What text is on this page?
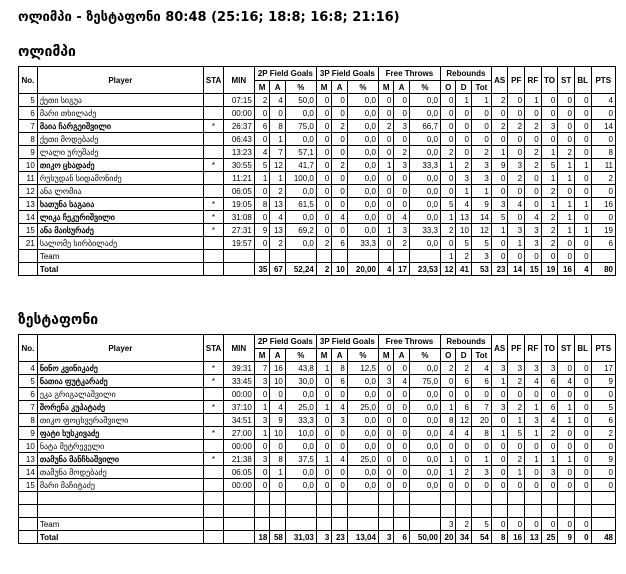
ოლიმპი - ზესტაფონი 80:48 (25:16; 18:8; 16:8; 21:16)
ოლიმპი
No.	Player	STA	MIN	2P Field Goals			3P Field Goals			Free Throws			Rebounds			AS	PF	RF	TO	ST	BL	PTS
				M	A	%	M	A	%	M	A	%	O	D	Tot							
5	ქეთი სიგუა		07:15	2	4	50,0	0	0	0,0	0	0	0,0	0	1	1	2	0	1	0	0	0	4
6	მარი თხილაძე		00:00	0	0	0,0	0	0	0,0	0	0	0,0	0	0	0	0	0	0	0	0	0	0
7	მაია ჩარგეიშვილი	*	26:37	6	8	75,0	0	2	0,0	2	3	66,7	0	0	0	2	2	2	3	0	0	14
8	ქეთი მოდებაძე		06:43	0	1	0,0	0	0	0,0	0	0	0,0	0	0	0	0	0	0	0	0	0	0
9	ლალი ურუშაძე		13:23	4	7	57,1	0	0	0,0	0	2	0,0	2	0	2	1	0	2	1	2	0	8
10	თიკო ცხადაძე	*	30:55	5	12	41,7	0	2	0,0	1	3	33,3	1	2	3	9	3	2	5	1	1	11
11	რუსუდან სიდამონიძე		11:21	1	1	100,0	0	0	0,0	0	0	0,0	0	3	3	0	2	0	1	1	0	2
12	ანა ლომია		06:05	0	2	0,0	0	0	0,0	0	0	0,0	0	1	1	0	0	0	2	0	0	0
13	ხათუნა საგაია	*	19:05	8	13	61,5	0	0	0,0	0	0	0,0	5	4	9	3	4	0	1	1	1	16
14	ლიკა ჩეკურიშვილი	*	31:08	0	4	0,0	0	4	0,0	0	4	0,0	1	13	14	5	0	4	2	1	0	0
15	ანა მაისურაძე	*	27:31	9	13	69,2	0	0	0,0	1	3	33,3	2	10	12	1	3	3	2	1	1	19
21	სალომე სირბილაძე		19:57	0	2	0,0	2	6	33,3	0	2	0,0	0	5	5	0	1	3	2	0	0	6
	Team												1	2	3	0	0	0	0	0	0	
	Total			35	67	52,24	2	10	20,00	4	17	23,53	12	41	53	23	14	15	19	16	4	80
ზესტაფონი
No.	Player	STA	MIN	2P Field Goals			3P Field Goals			Free Throws			Rebounds			AS	PF	RF	TO	ST	BL	PTS
				M	A	%	M	A	%	M	A	%	O	D	Tot							
4	ნინო კვინიკაძე	*	39:31	7	16	43,8	1	8	12,5	0	0	0,0	2	2	4	3	3	3	3	0	0	17
5	ნათია ფუტკარაძე	*	33:45	3	10	30,0	0	6	0,0	3	4	75,0	0	6	6	1	2	4	6	4	0	9
6	ეკა გრიგალაშვილი		00:00	0	0	0,0	0	0	0,0	0	0	0,0	0	0	0	0	0	0	0	0	0	0
7	შორენა კუპატაძე	*	37:10	1	4	25,0	1	4	25,0	0	0	0,0	1	6	7	3	2	1	6	1	0	5
8	თიკო ფოცხვერაშვილი		34:51	3	9	33,3	0	3	0,0	0	0	0,0	8	12	20	0	1	3	4	1	0	6
9	ფატი ხუსკივაძე	*	27:00	1	10	10,0	0	0	0,0	0	0	0,0	4	4	8	1	5	1	2	0	0	2
10	ნატა მეტრეველი		00:00	0	0	0,0	0	0	0,0	0	0	0,0	0	0	0	0	0	0	0	0	0	0
13	თამუნა მანჩხაშვილი	*	21:38	3	8	37,5	1	4	25,0	0	0	0,0	1	0	1	0	2	1	1	1	0	9
14	თამუნა მოდებაძე		06:05	0	1	0,0	0	0	0,0	0	0	0,0	1	2	3	0	1	0	3	0	0	0
15	მარი მაჩიტაძე		00:00	0	0	0,0	0	0	0,0	0	0	0,0	0	0	0	0	0	0	0	0	0	0

	Team												3	2	5	0	0	0	0	0	0	
	Total			18	58	31,03	3	23	13,04	3	6	50,00	20	34	54	8	16	13	25	9	0	48
